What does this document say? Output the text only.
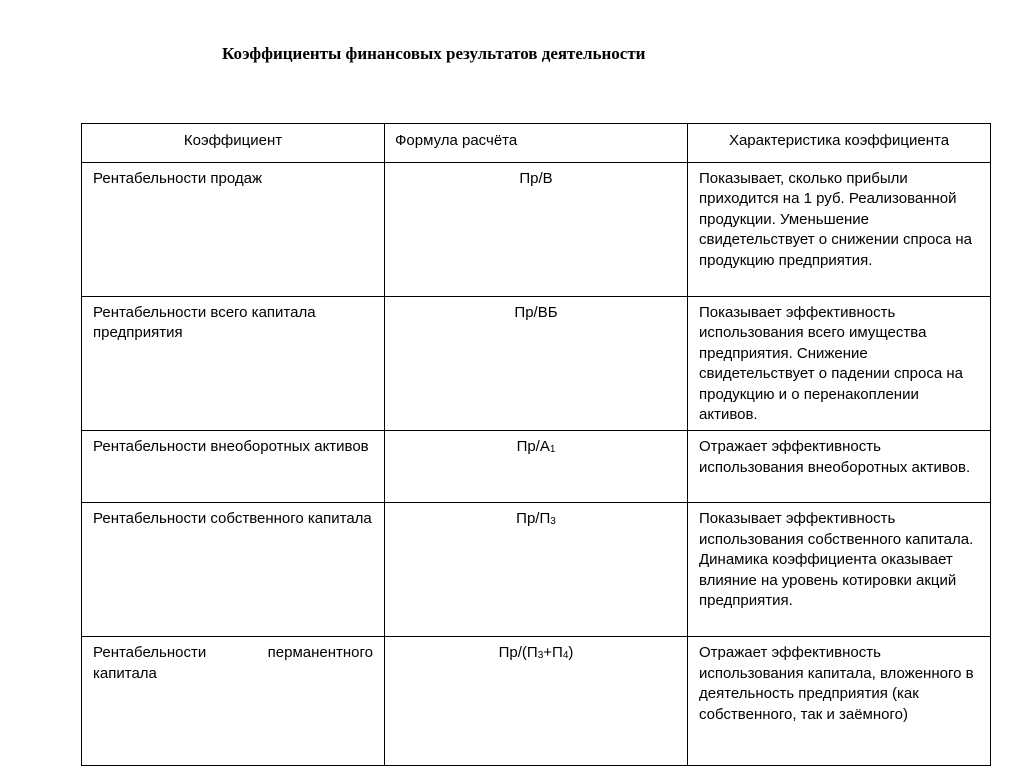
Коэффициенты финансовых результатов деятельности
Коэффициент	Формула расчёта	Характеристика коэффициента
Рентабельности продаж	Пр/В	Показывает, сколько прибыли приходится на 1 руб. Реализованной продукции. Уменьшение свидетельствует о снижении спроса на продукцию предприятия.
Рентабельности всего капитала предприятия	Пр/ВБ	Показывает эффективность использования всего имущества предприятия. Снижение свидетельствует о падении спроса на продукцию и о перенакоплении активов.
Рентабельности внеоборотных активов	$Пр/А_1$	Отражает эффективность использования внеоборотных активов.
Рентабельности собственного капитала	$Пр/П_3$	Показывает эффективность использования собственного капитала. Динамика коэффициента оказывает влияние на уровень котировки акций предприятия.
Рентабельности перманентного капитала	$Пр/(П_3+П_4)$	Отражает эффективность использования капитала, вложенного в деятельность предприятия (как собственного, так и заёмного)
